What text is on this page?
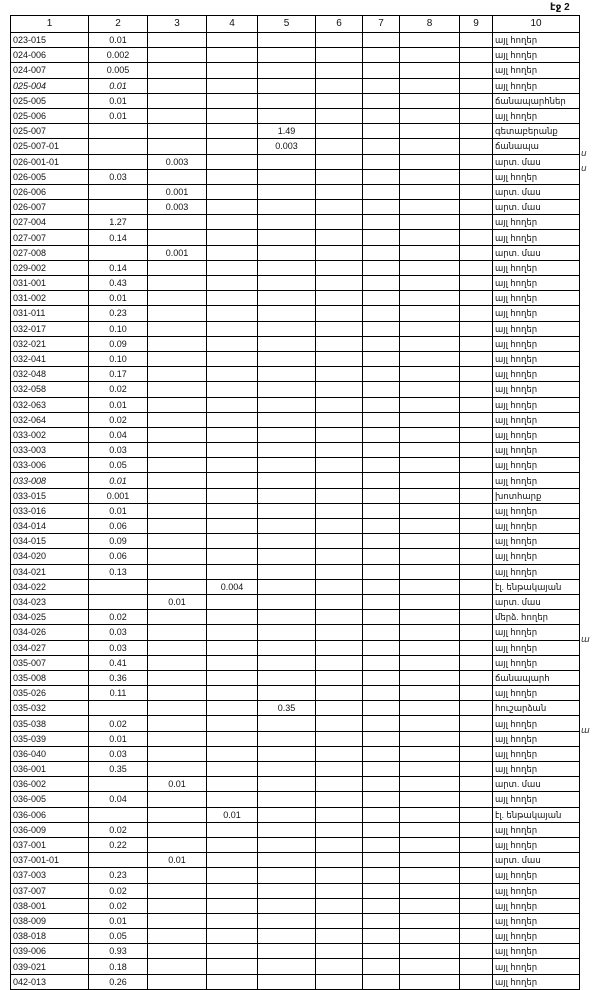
էջ 2
1	2	3	4	5	6	7	8	9	10
023-015	0.01								այլ հողեր
024-006	0.002								այլ հողեր
024-007	0.005								այլ հողեր
025-004	0.01								այլ հողեր
025-005	0.01								ճանապարհներ
025-006	0.01								այլ հողեր
025-007				1.49					գետաբերանք
025-007-01				0.003					ճանապա
026-001-01		0.003							արտ. մաս
026-005	0.03								այլ հողեր
026-006		0.001							արտ. մաս
026-007		0.003							արտ. մաս
027-004	1.27								այլ հողեր
027-007	0.14								այլ հողեր
027-008		0.001							արտ. մաս
029-002	0.14								այլ հողեր
031-001	0.43								այլ հողեր
031-002	0.01								այլ հողեր
031-011	0.23								այլ հողեր
032-017	0.10								այլ հողեր
032-021	0.09								այլ հողեր
032-041	0.10								այլ հողեր
032-048	0.17								այլ հողեր
032-058	0.02								այլ հողեր
032-063	0.01								այլ հողեր
032-064	0.02								այլ հողեր
033-002	0.04								այլ հողեր
033-003	0.03								այլ հողեր
033-006	0.05								այլ հողեր
033-008	0.01								այլ հողեր
033-015	0.001								խոտհարք
033-016	0.01								այլ հողեր
034-014	0.06								այլ հողեր
034-015	0.09								այլ հողեր
034-020	0.06								այլ հողեր
034-021	0.13								այլ հողեր
034-022			0.004						էլ. ենթակայան
034-023		0.01							արտ. մաս
034-025	0.02								մերձ. հողեր
034-026	0.03								այլ հողեր
034-027	0.03								այլ հողեր
035-007	0.41								այլ հողեր
035-008	0.36								ճանապարհ
035-026	0.11								այլ հողեր
035-032				0.35					հուշարձան
035-038	0.02								այլ հողեր
035-039	0.01								այլ հողեր
036-040	0.03								այլ հողեր
036-001	0.35								այլ հողեր
036-002		0.01							արտ. մաս
036-005	0.04								այլ հողեր
036-006			0.01						էլ. ենթակայան
036-009	0.02								այլ հողեր
037-001	0.22								այլ հողեր
037-001-01		0.01							արտ. մաս
037-003	0.23								այլ հողեր
037-007	0.02								այլ հողեր
038-001	0.02								այլ հողեր
038-009	0.01								այլ հողեր
038-018	0.05								այլ հողեր
039-006	0.93								այլ հողեր
039-021	0.18								այլ հողեր
042-013	0.26								այլ հողեր
ս
ս
ա
ա
